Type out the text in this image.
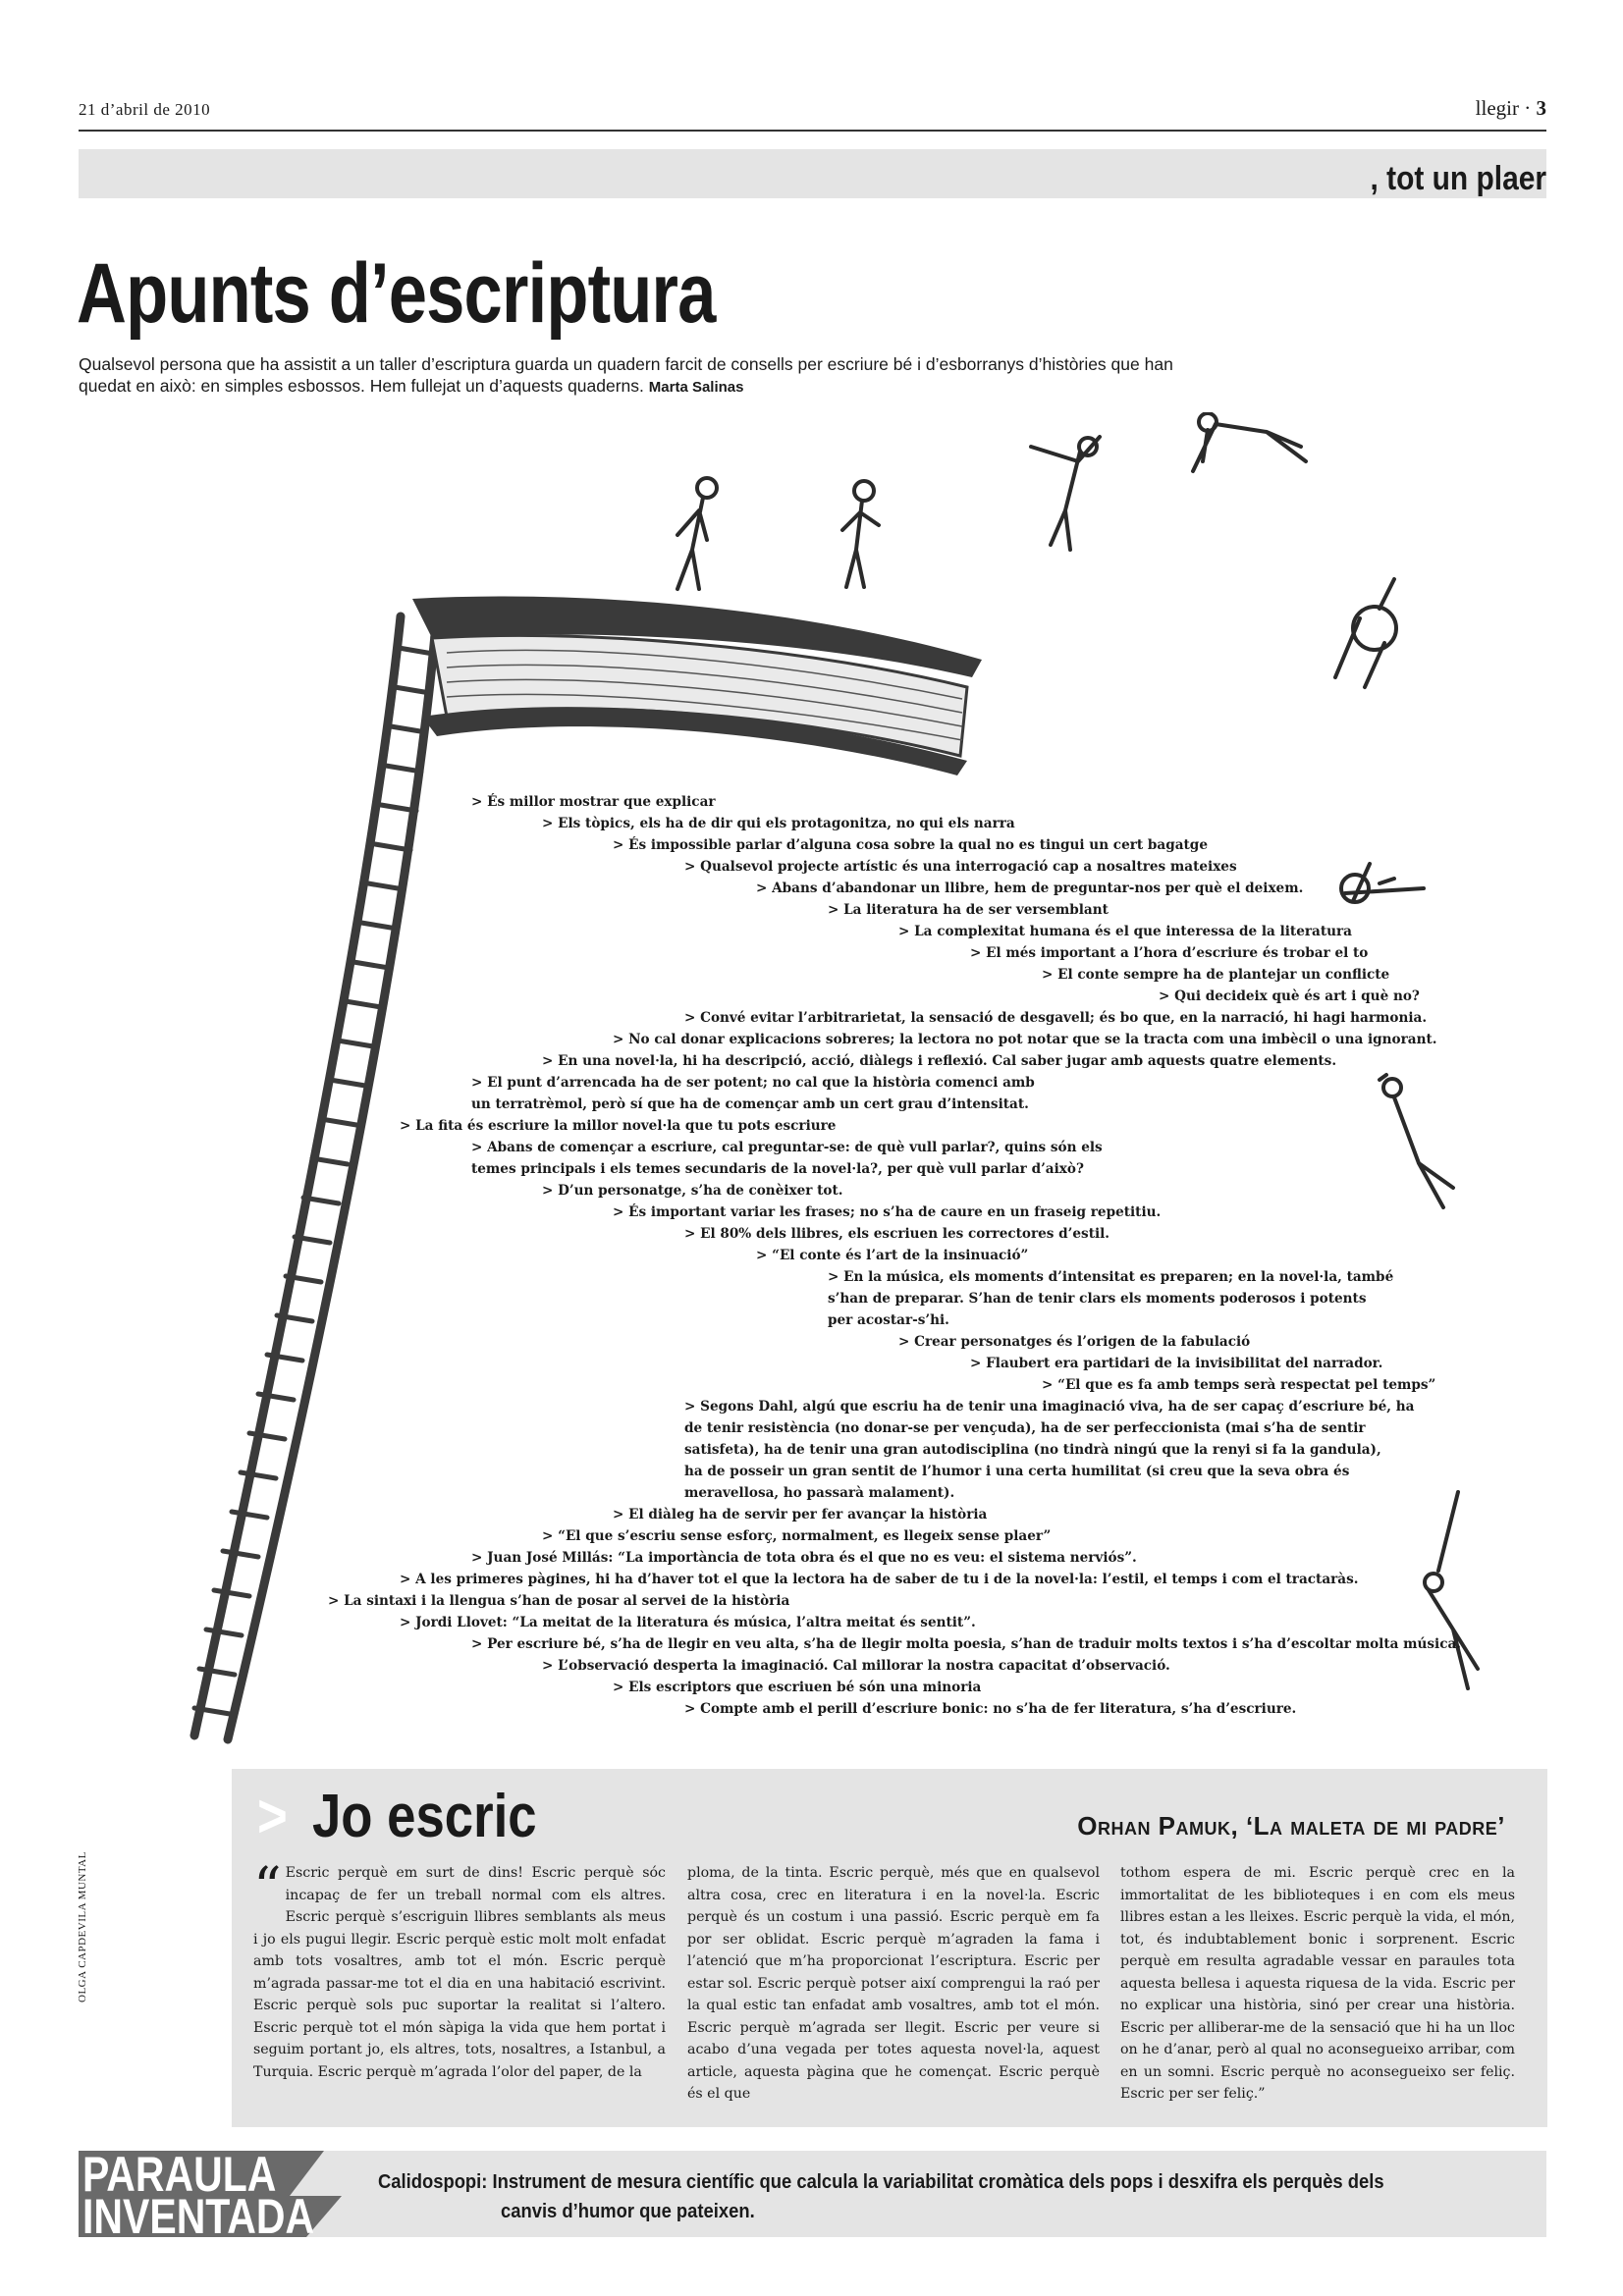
21 d’abril de 2010	llegir · 3
, tot un plaer
Apunts d’escriptura
Qualsevol persona que ha assistit a un taller d’escriptura guarda un quadern farcit de consells per escriure bé i d’esborranys d’històries que han quedat en això: en simples esbossos. Hem fullejat un d’aquests quaderns. Marta Salinas
> És millor mostrar que explicar
> Els tòpics, els ha de dir qui els protagonitza, no qui els narra
> És impossible parlar d’alguna cosa sobre la qual no es tingui un cert bagatge
> Qualsevol projecte artístic és una interrogació cap a nosaltres mateixes
> Abans d’abandonar un llibre, hem de preguntar-nos per què el deixem.
> La literatura ha de ser versemblant
> La complexitat humana és el que interessa de la literatura
> El més important a l’hora d’escriure és trobar el to
> El conte sempre ha de plantejar un conflicte
> Qui decideix què és art i què no?
> Convé evitar l’arbitrarietat, la sensació de desgavell; és bo que, en la narració, hi hagi harmonia.
> No cal donar explicacions sobreres; la lectora no pot notar que se la tracta com una imbècil o una ignorant.
> En una novel·la, hi ha descripció, acció, diàlegs i reflexió. Cal saber jugar amb aquests quatre elements.
> El punt d’arrencada ha de ser potent; no cal que la història comenci amb
un terratrèmol, però sí que ha de començar amb un cert grau d’intensitat.
> La fita és escriure la millor novel·la que tu pots escriure
> Abans de començar a escriure, cal preguntar-se: de què vull parlar?, quins són els
temes principals i els temes secundaris de la novel·la?, per què vull parlar d’això?
> D’un personatge, s’ha de conèixer tot.
> És important variar les frases; no s’ha de caure en un fraseig repetitiu.
> El 80% dels llibres, els escriuen les correctores d’estil.
> “El conte és l’art de la insinuació”
> En la música, els moments d’intensitat es preparen; en la novel·la, també
s’han de preparar. S’han de tenir clars els moments poderosos i potents
per acostar-s’hi.
> Crear personatges és l’origen de la fabulació
> Flaubert era partidari de la invisibilitat del narrador.
> “El que es fa amb temps serà respectat pel temps”
> Segons Dahl, algú que escriu ha de tenir una imaginació viva, ha de ser capaç d’escriure bé, ha
de tenir resistència (no donar-se per vençuda), ha de ser perfeccionista (mai s’ha de sentir
satisfeta), ha de tenir una gran autodisciplina (no tindrà ningú que la renyi si fa la gandula),
ha de posseir un gran sentit de l’humor i una certa humilitat (si creu que la seva obra és
meravellosa, ho passarà malament).
> El diàleg ha de servir per fer avançar la història
> “El que s’escriu sense esforç, normalment, es llegeix sense plaer”
> Juan José Millás: “La importància de tota obra és el que no es veu: el sistema nerviós”.
> A les primeres pàgines, hi ha d’haver tot el que la lectora ha de saber de tu i de la novel·la: l’estil, el temps i com el tractaràs.
> La sintaxi i la llengua s’han de posar al servei de la història
> Jordi Llovet: “La meitat de la literatura és música, l’altra meitat és sentit”.
> Per escriure bé, s’ha de llegir en veu alta, s’ha de llegir molta poesia, s’han de traduir molts textos i s’ha d’escoltar molta música.
> L’observació desperta la imaginació. Cal millorar la nostra capacitat d’observació.
> Els escriptors que escriuen bé són una minoria
> Compte amb el perill d’escriure bonic: no s’ha de fer literatura, s’ha d’escriure.
> Jo escric	Orhan Pamuk, ‘La maleta de mi padre’
“ Escric perquè em surt de dins! Escric perquè sóc incapaç de fer un treball normal com els altres. Escric perquè s’escriguin llibres semblants als meus i jo els pugui llegir. Escric perquè estic molt molt enfadat amb tots vosaltres, amb tot el món. Escric perquè m’agrada passar-me tot el dia en una habitació escrivint. Escric perquè sols puc suportar la realitat si l’altero. Escric perquè tot el món sàpiga la vida que hem portat i seguim portant jo, els altres, tots, nosaltres, a Istanbul, a Turquia. Escric perquè m’agrada l’olor del paper, de la
ploma, de la tinta. Escric perquè, més que en qualsevol altra cosa, crec en literatura i en la novel·la. Escric perquè és un costum i una passió. Escric perquè em fa por ser oblidat. Escric perquè m’agraden la fama i l’atenció que m’ha proporcionat l’escriptura. Escric per estar sol. Escric perquè potser així comprengui la raó per la qual estic tan enfadat amb vosaltres, amb tot el món. Escric perquè m’agrada ser llegit. Escric per veure si acabo d’una vegada per totes aquesta novel·la, aquest article, aquesta pàgina que he començat. Escric perquè és el que
tothom espera de mi. Escric perquè crec en la immortalitat de les biblioteques i en com els meus llibres estan a les lleixes. Escric perquè la vida, el món, tot, és indubtablement bonic i sorprenent. Escric perquè em resulta agradable vessar en paraules tota aquesta bellesa i aquesta riquesa de la vida. Escric per no explicar una història, sinó per crear una història. Escric per alliberar-me de la sensació que hi ha un lloc on he d’anar, però al qual no aconsegueixo arribar, com en un somni. Escric perquè no aconsegueixo ser feliç. Escric per ser feliç.”
OLGA CAPDEVILA MUNTAL
PARAULA
INVENTADA
Calidospopi: Instrument de mesura científic que calcula la variabilitat cromàtica dels pops i desxifra els perquès dels
canvis d’humor que pateixen.
